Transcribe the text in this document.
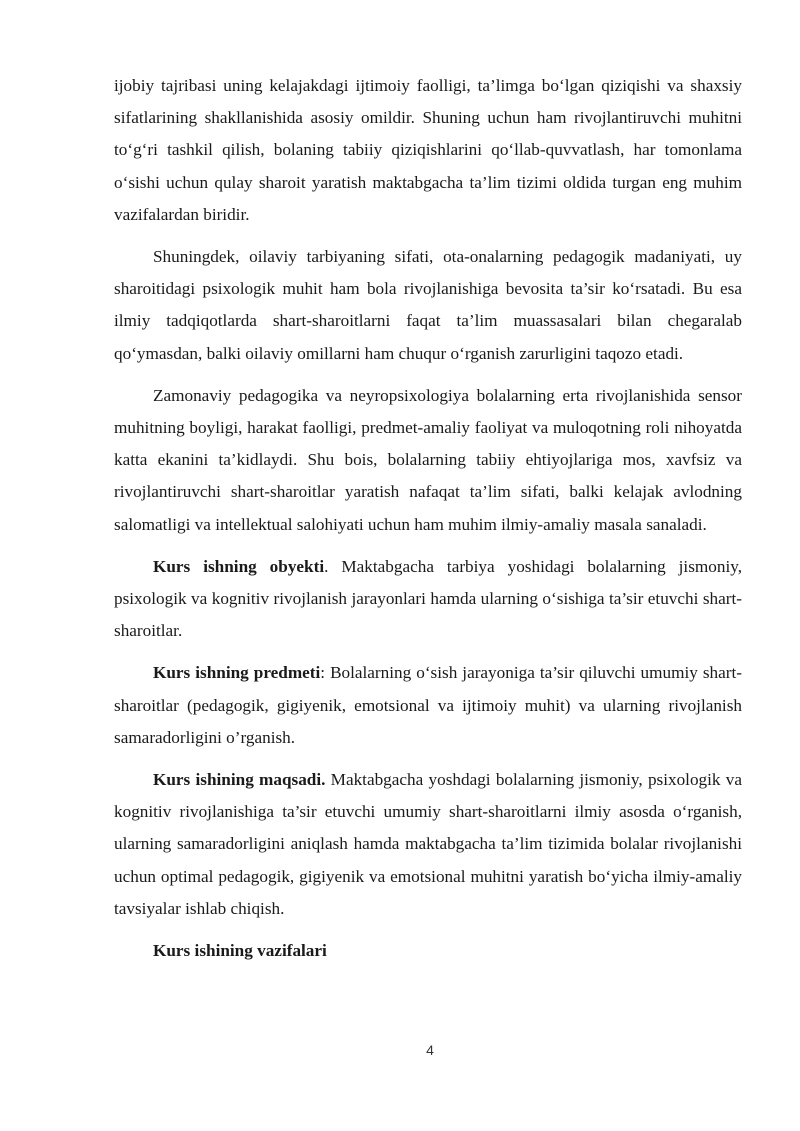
ijobiy tajribasi uning kelajakdagi ijtimoiy faolligi, ta’limga bo‘lgan qiziqishi va shaxsiy sifatlarining shakllanishida asosiy omildir. Shuning uchun ham rivojlantiruvchi muhitni to‘g‘ri tashkil qilish, bolaning tabiiy qiziqishlarini qo‘llab-quvvatlash, har tomonlama o‘sishi uchun qulay sharoit yaratish maktabgacha ta’lim tizimi oldida turgan eng muhim vazifalardan biridir.

Shuningdek, oilaviy tarbiyaning sifati, ota-onalarning pedagogik madaniyati, uy sharoitidagi psixologik muhit ham bola rivojlanishiga bevosita ta’sir ko‘rsatadi. Bu esa ilmiy tadqiqotlarda shart-sharoitlarni faqat ta’lim muassasalari bilan chegaralab qo‘ymasdan, balki oilaviy omillarni ham chuqur o‘rganish zarurligini taqozo etadi.

Zamonaviy pedagogika va neyropsixologiya bolalarning erta rivojlanishida sensor muhitning boyligi, harakat faolligi, predmet-amaliy faoliyat va muloqotning roli nihoyatda katta ekanini ta’kidlaydi. Shu bois, bolalarning tabiiy ehtiyojlariga mos, xavfsiz va rivojlantiruvchi shart-sharoitlar yaratish nafaqat ta’lim sifati, balki kelajak avlodning salomatligi va intellektual salohiyati uchun ham muhim ilmiy-amaliy masala sanaladi.

Kurs ishning obyekti. Maktabgacha tarbiya yoshidagi bolalarning jismoniy, psixologik va kognitiv rivojlanish jarayonlari hamda ularning o‘sishiga ta’sir etuvchi shart-sharoitlar.

Kurs ishning predmeti: Bolalarning o‘sish jarayoniga ta’sir qiluvchi umumiy shart-sharoitlar (pedagogik, gigiyenik, emotsional va ijtimoiy muhit) va ularning rivojlanish samaradorligini o’rganish.

Kurs ishining maqsadi. Maktabgacha yoshdagi bolalarning jismoniy, psixologik va kognitiv rivojlanishiga ta’sir etuvchi umumiy shart-sharoitlarni ilmiy asosda o‘rganish, ularning samaradorligini aniqlash hamda maktabgacha ta’lim tizimida bolalar rivojlanishi uchun optimal pedagogik, gigiyenik va emotsional muhitni yaratish bo‘yicha ilmiy-amaliy tavsiyalar ishlab chiqish.

Kurs ishining vazifalari

4
